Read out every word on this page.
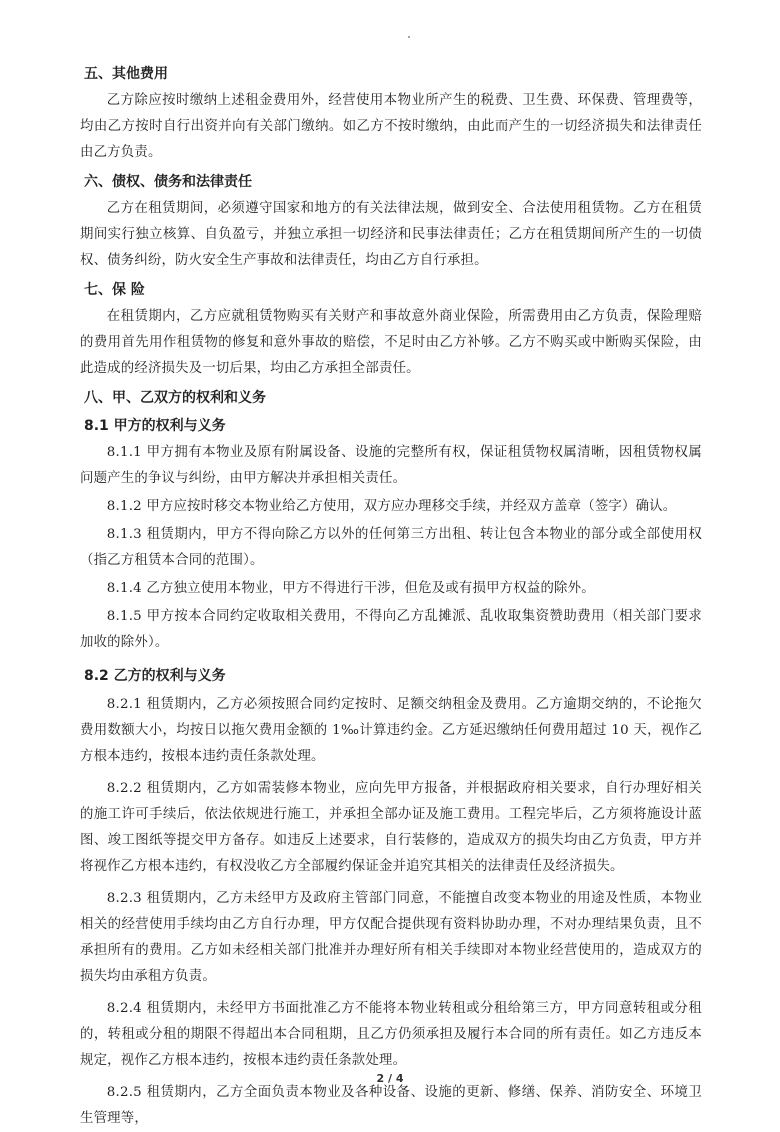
五、其他费用

乙方除应按时缴纳上述租金费用外，经营使用本物业所产生的税费、卫生费、环保费、管理费等，均由乙方按时自行出资并向有关部门缴纳。如乙方不按时缴纳，由此而产生的一切经济损失和法律责任由乙方负责。

六、债权、债务和法律责任

乙方在租赁期间，必须遵守国家和地方的有关法律法规，做到安全、合法使用租赁物。乙方在租赁期间实行独立核算、自负盈亏，并独立承担一切经济和民事法律责任；乙方在租赁期间所产生的一切债权、债务纠纷，防火安全生产事故和法律责任，均由乙方自行承担。

七、保 险

在租赁期内，乙方应就租赁物购买有关财产和事故意外商业保险，所需费用由乙方负责，保险理赔的费用首先用作租赁物的修复和意外事故的赔偿，不足时由乙方补够。乙方不购买或中断购买保险，由此造成的经济损失及一切后果，均由乙方承担全部责任。

八、甲、乙双方的权利和义务
8.1 甲方的权利与义务

8.1.1 甲方拥有本物业及原有附属设备、设施的完整所有权，保证租赁物权属清晰，因租赁物权属问题产生的争议与纠纷，由甲方解决并承担相关责任。

8.1.2 甲方应按时移交本物业给乙方使用，双方应办理移交手续，并经双方盖章（签字）确认。

8.1.3 租赁期内，甲方不得向除乙方以外的任何第三方出租、转让包含本物业的部分或全部使用权（指乙方租赁本合同的范围）。

8.1.4 乙方独立使用本物业，甲方不得进行干涉，但危及或有损甲方权益的除外。

8.1.5 甲方按本合同约定收取相关费用，不得向乙方乱摊派、乱收取集资赞助费用（相关部门要求加收的除外）。

8.2 乙方的权利与义务

8.2.1 租赁期内，乙方必须按照合同约定按时、足额交纳租金及费用。乙方逾期交纳的，不论拖欠费用数额大小，均按日以拖欠费用金额的 1‰计算违约金。乙方延迟缴纳任何费用超过 10 天，视作乙方根本违约，按根本违约责任条款处理。

8.2.2 租赁期内，乙方如需装修本物业，应向先甲方报备，并根据政府相关要求，自行办理好相关的施工许可手续后，依法依规进行施工，并承担全部办证及施工费用。工程完毕后，乙方须将施设计蓝图、竣工图纸等提交甲方备存。如违反上述要求，自行装修的，造成双方的损失均由乙方负责，甲方并将视作乙方根本违约，有权没收乙方全部履约保证金并追究其相关的法律责任及经济损失。

8.2.3 租赁期内，乙方未经甲方及政府主管部门同意，不能擅自改变本物业的用途及性质，本物业相关的经营使用手续均由乙方自行办理，甲方仅配合提供现有资料协助办理，不对办理结果负责，且不承担所有的费用。乙方如未经相关部门批准并办理好所有相关手续即对本物业经营使用的，造成双方的损失均由承租方负责。

8.2.4 租赁期内，未经甲方书面批准乙方不能将本物业转租或分租给第三方，甲方同意转租或分租的，转租或分租的期限不得超出本合同租期，且乙方仍须承担及履行本合同的所有责任。如乙方违反本规定，视作乙方根本违约，按根本违约责任条款处理。

8.2.5 租赁期内，乙方全面负责本物业及各种设备、设施的更新、修缮、保养、消防安全、环境卫生管理等，

2 / 4
